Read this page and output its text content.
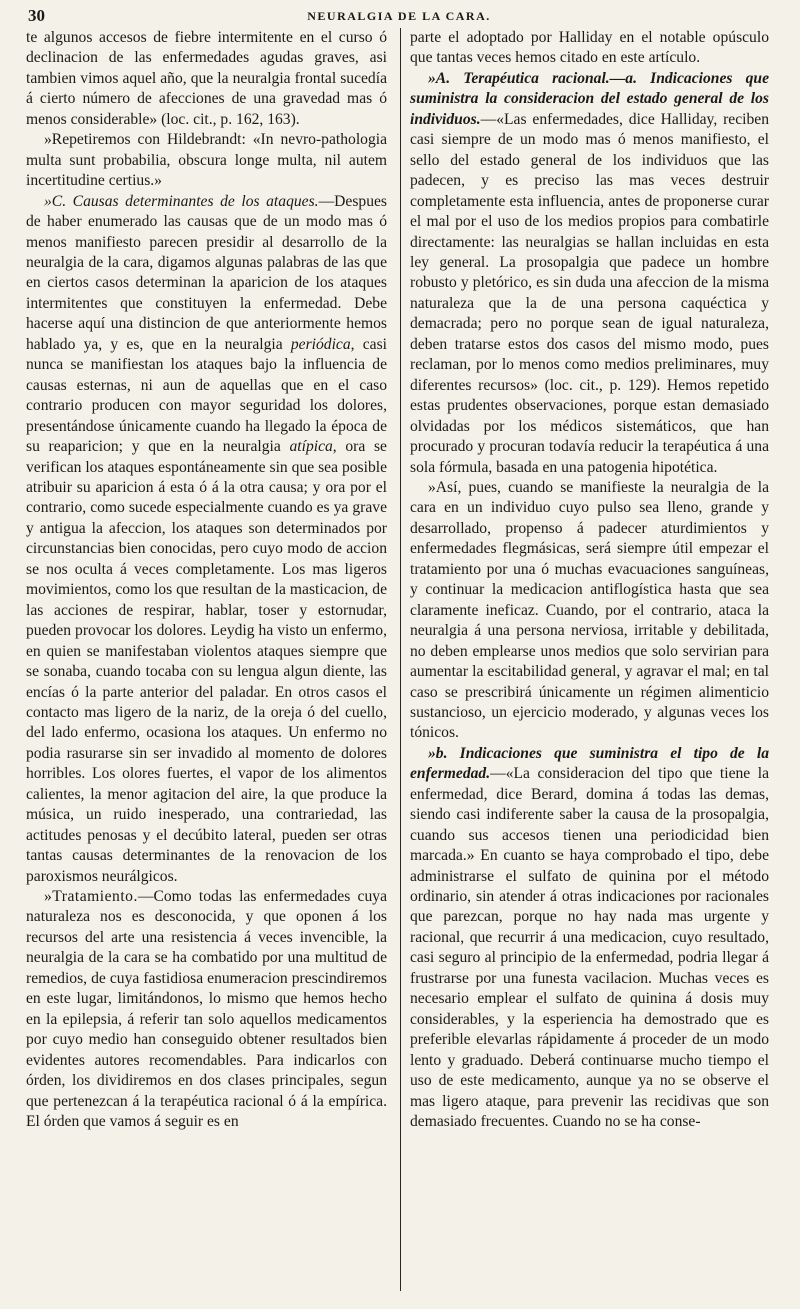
30	NEURALGIA DE LA CARA.

te algunos accesos de fiebre intermitente en el curso ó declinacion de las enfermedades agudas graves, asi tambien vimos aquel año, que la neuralgia frontal sucedía á cierto número de afecciones de una gravedad mas ó menos considerable» (loc. cit., p. 162, 163).

»Repetiremos con Hildebrandt: «In nevro-pathologia multa sunt probabilia, obscura longe multa, nil autem incertitudine certius.»

»C. Causas determinantes de los ataques.—Despues de haber enumerado las causas que de un modo mas ó menos manifiesto parecen presidir al desarrollo de la neuralgia de la cara, digamos algunas palabras de las que en ciertos casos determinan la aparicion de los ataques intermitentes que constituyen la enfermedad. Debe hacerse aquí una distincion de que anteriormente hemos hablado ya, y es, que en la neuralgia periódica, casi nunca se manifiestan los ataques bajo la influencia de causas esternas, ni aun de aquellas que en el caso contrario producen con mayor seguridad los dolores, presentándose únicamente cuando ha llegado la época de su reaparicion; y que en la neuralgia atípica, ora se verifican los ataques espontáneamente sin que sea posible atribuir su aparicion á esta ó á la otra causa; y ora por el contrario, como sucede especialmente cuando es ya grave y antigua la afeccion, los ataques son determinados por circunstancias bien conocidas, pero cuyo modo de accion se nos oculta á veces completamente. Los mas ligeros movimientos, como los que resultan de la masticacion, de las acciones de respirar, hablar, toser y estornudar, pueden provocar los dolores. Leydig ha visto un enfermo, en quien se manifestaban violentos ataques siempre que se sonaba, cuando tocaba con su lengua algun diente, las encías ó la parte anterior del paladar. En otros casos el contacto mas ligero de la nariz, de la oreja ó del cuello, del lado enfermo, ocasiona los ataques. Un enfermo no podia rasurarse sin ser invadido al momento de dolores horribles. Los olores fuertes, el vapor de los alimentos calientes, la menor agitacion del aire, la que produce la música, un ruido inesperado, una contrariedad, las actitudes penosas y el decúbito lateral, pueden ser otras tantas causas determinantes de la renovacion de los paroxismos neurálgicos.

»Tratamiento.—Como todas las enfermedades cuya naturaleza nos es desconocida, y que oponen á los recursos del arte una resistencia á veces invencible, la neuralgia de la cara se ha combatido por una multitud de remedios, de cuya fastidiosa enumeracion prescindiremos en este lugar, limitándonos, lo mismo que hemos hecho en la epilepsia, á referir tan solo aquellos medicamentos por cuyo medio han conseguido obtener resultados bien evidentes autores recomendables. Para indicarlos con órden, los dividiremos en dos clases principales, segun que pertenezcan á la terapéutica racional ó á la empírica. El órden que vamos á seguir es en

parte el adoptado por Halliday en el notable opúsculo que tantas veces hemos citado en este artículo.

»A. Terapéutica racional.—a. Indicaciones que suministra la consideracion del estado general de los individuos.—«Las enfermedades, dice Halliday, reciben casi siempre de un modo mas ó menos manifiesto, el sello del estado general de los individuos que las padecen, y es preciso las mas veces destruir completamente esta influencia, antes de proponerse curar el mal por el uso de los medios propios para combatirle directamente: las neuralgias se hallan incluidas en esta ley general. La prosopalgia que padece un hombre robusto y pletórico, es sin duda una afeccion de la misma naturaleza que la de una persona caquéctica y demacrada; pero no porque sean de igual naturaleza, deben tratarse estos dos casos del mismo modo, pues reclaman, por lo menos como medios preliminares, muy diferentes recursos» (loc. cit., p. 129). Hemos repetido estas prudentes observaciones, porque estan demasiado olvidadas por los médicos sistemáticos, que han procurado y procuran todavía reducir la terapéutica á una sola fórmula, basada en una patogenia hipotética.

»Así, pues, cuando se manifieste la neuralgia de la cara en un individuo cuyo pulso sea lleno, grande y desarrollado, propenso á padecer aturdimientos y enfermedades flegmásicas, será siempre útil empezar el tratamiento por una ó muchas evacuaciones sanguíneas, y continuar la medicacion antiflogística hasta que sea claramente ineficaz. Cuando, por el contrario, ataca la neuralgia á una persona nerviosa, irritable y debilitada, no deben emplearse unos medios que solo servirian para aumentar la escitabilidad general, y agravar el mal; en tal caso se prescribirá únicamente un régimen alimenticio sustancioso, un ejercicio moderado, y algunas veces los tónicos.

»b. Indicaciones que suministra el tipo de la enfermedad.—«La consideracion del tipo que tiene la enfermedad, dice Berard, domina á todas las demas, siendo casi indiferente saber la causa de la prosopalgia, cuando sus accesos tienen una periodicidad bien marcada.» En cuanto se haya comprobado el tipo, debe administrarse el sulfato de quinina por el método ordinario, sin atender á otras indicaciones por racionales que parezcan, porque no hay nada mas urgente y racional, que recurrir á una medicacion, cuyo resultado, casi seguro al principio de la enfermedad, podria llegar á frustrarse por una funesta vacilacion. Muchas veces es necesario emplear el sulfato de quinina á dosis muy considerables, y la esperiencia ha demostrado que es preferible elevarlas rápidamente á proceder de un modo lento y graduado. Deberá continuarse mucho tiempo el uso de este medicamento, aunque ya no se observe el mas ligero ataque, para prevenir las recidivas que son demasiado frecuentes. Cuando no se ha conse-
